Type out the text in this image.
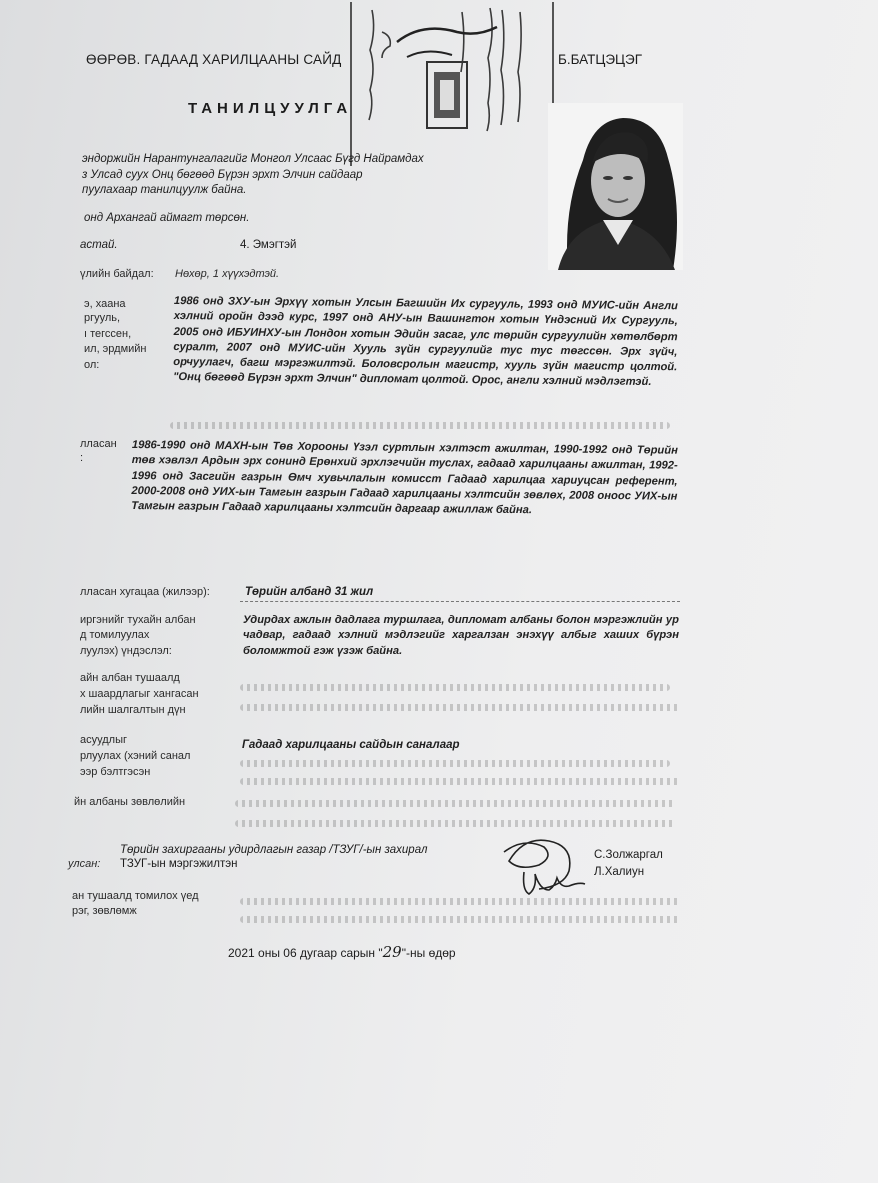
ӨӨРӨВ. ГАДААД ХАРИЛЦААНЫ САЙД	Б.БАТЦЭЦЭГ
ТАНИЛЦУУЛГА
эндоржийн Нарантунгалагийг Монгол Улсаас Бүгд Найрамдах
з Улсад суух Онц бөгөөд Бүрэн эрхт Элчин сайдаар
пуулахаар танилцуулж байна.
онд Архангай аймагт төрсөн.
астай.	4. Эмэгтэй
үлийн байдал: Нөхөр, 1 хүүхэдтэй.
э, хаана
ргууль,
ı тегссен,
ил, эрдмийн
ол:
1986 онд ЗХУ-ын Эрхүү хотын Улсын Багшийн Их сургууль, 1993 онд МУИС-ийн Англи хэлний оройн дээд курс, 1997 онд АНУ-ын Вашингтон хотын Үндэсний Их Сургууль, 2005 онд ИБУИНХУ-ын Лондон хотын Эдийн засаг, улс төрийн сургуулийн хөтөлбөрт суралт, 2007 онд МУИС-ийн Хууль зүйн сургуулийг тус тус төгссөн. Эрх зүйч, орчуулагч, багш мэргэжилтэй. Боловсролын магистр, хууль зүйн магистр цолтой. "Онц бөгөөд Бүрэн эрхт Элчин" дипломат цолтой. Орос, англи хэлний мэдлэгтэй.
лласан
:
1986-1990 онд МАХН-ын Төв Хорооны Үзэл суртлын хэлтэст ажилтан, 1990-1992 онд Төрийн төв хэвлэл Ардын эрх сонинд Ерөнхий эрхлэгчийн туслах, гадаад харилцааны ажилтан, 1992-1996 онд Засгийн газрын Өмч хувьчлалын комисст Гадаад харилцаа хариуцсан референт, 2000-2008 онд УИХ-ын Тамгын газрын Гадаад харилцааны хэлтсийн зөвлөх, 2008 оноос УИХ-ын Тамгын газрын Гадаад харилцааны хэлтсийн даргаар ажиллаж байна.
лласан хугацаа (жилээр):	Төрийн албанд 31 жил
иргэнийг тухайн албан
д томилуулах
луулэх) үндэслэл:
Удирдах ажлын дадлага туршлага, дипломат албаны болон мэргэжлийн ур чадвар, гадаад хэлний мэдлэгийг харгалзан энэхүү албыг хаших бүрэн боломжтой гэж үзэж байна.
айн албан тушаалд
х шаардлагыг хангасан
лийн шалгалтын дүн
асуудлыг
рлуулах (хэний санал
ээр бэлтгэсэн
Гадаад харилцааны сайдын саналаар
йн албаны зөвлөлийн
Төрийн захиргааны удирдлагын газар /ТЗУГ/-ын захирал
улсан: ТЗУГ-ын мэргэжилтэн
С.Золжаргал
Л.Халиун
ан тушаалд томилох үед
рэг, зөвлөмж
2021 оны 06 дугаар сарын "29"-ны өдөр
